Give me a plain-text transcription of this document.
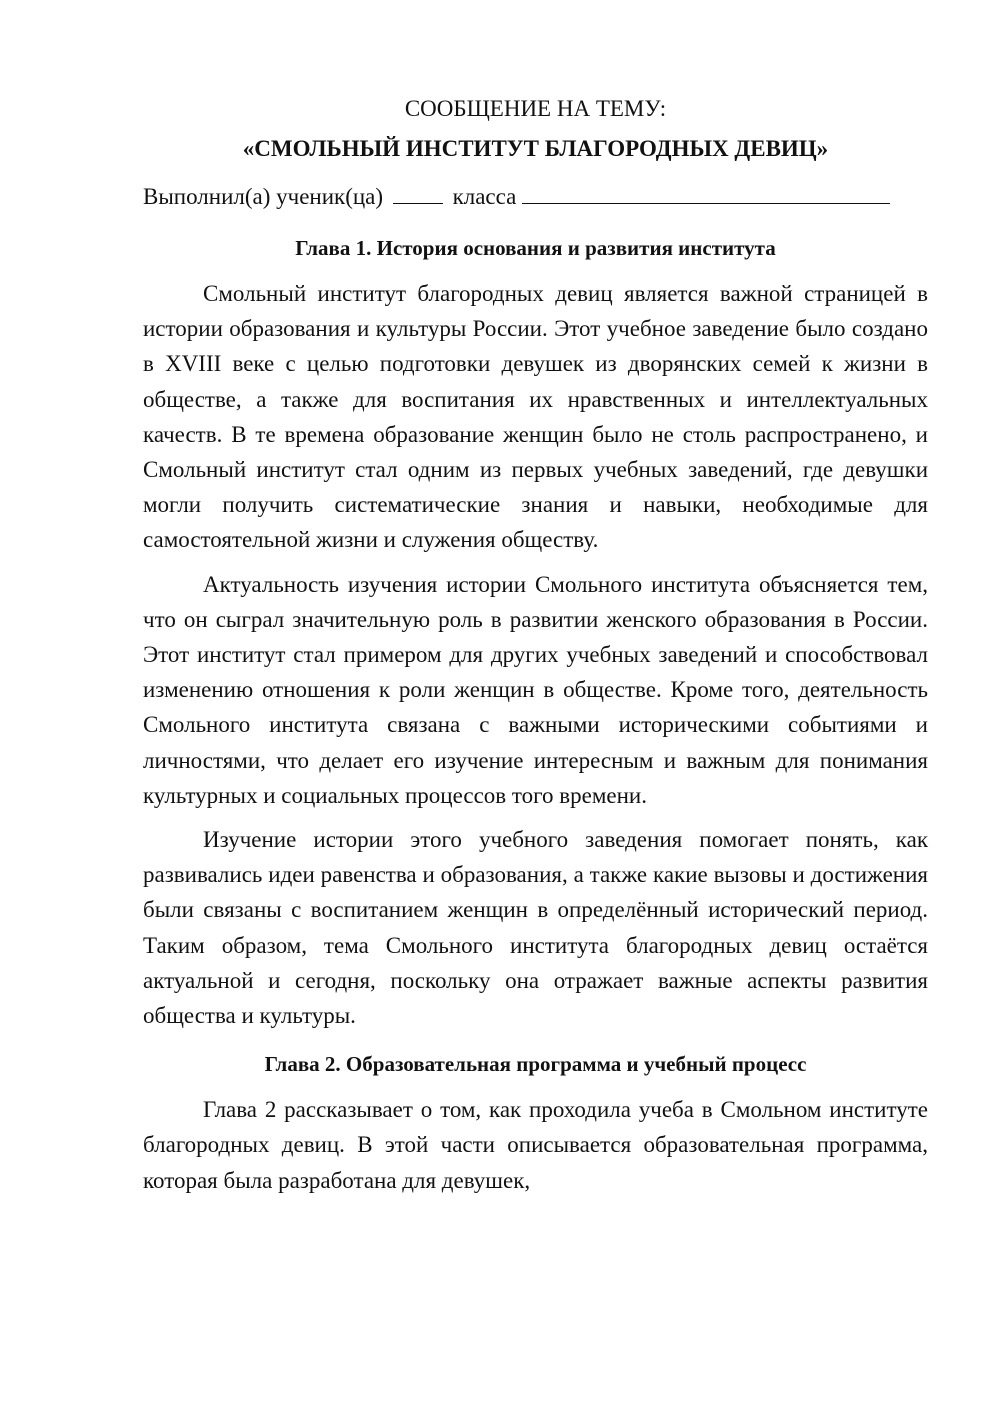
СООБЩЕНИЕ НА ТЕМУ:

«СМОЛЬНЫЙ ИНСТИТУТ БЛАГОРОДНЫХ ДЕВИЦ»

Выполнил(а) ученик(ца)	класса

Глава 1. История основания и развития института

Смольный институт благородных девиц является важной страницей в истории образования и культуры России. Этот учебное заведение было создано в XVIII веке с целью подготовки девушек из дворянских семей к жизни в обществе, а также для воспитания их нравственных и интеллектуальных качеств. В те времена образование женщин было не столь распространено, и Смольный институт стал одним из первых учебных заведений, где девушки могли получить систематические знания и навыки, необходимые для самостоятельной жизни и служения обществу.

Актуальность изучения истории Смольного института объясняется тем, что он сыграл значительную роль в развитии женского образования в России. Этот институт стал примером для других учебных заведений и способствовал изменению отношения к роли женщин в обществе. Кроме того, деятельность Смольного института связана с важными историческими событиями и личностями, что делает его изучение интересным и важным для понимания культурных и социальных процессов того времени.

Изучение истории этого учебного заведения помогает понять, как развивались идеи равенства и образования, а также какие вызовы и достижения были связаны с воспитанием женщин в определённый исторический период. Таким образом, тема Смольного института благородных девиц остаётся актуальной и сегодня, поскольку она отражает важные аспекты развития общества и культуры.

Глава 2. Образовательная программа и учебный процесс

Глава 2 рассказывает о том, как проходила учеба в Смольном институте благородных девиц. В этой части описывается образовательная программа, которая была разработана для девушек,
